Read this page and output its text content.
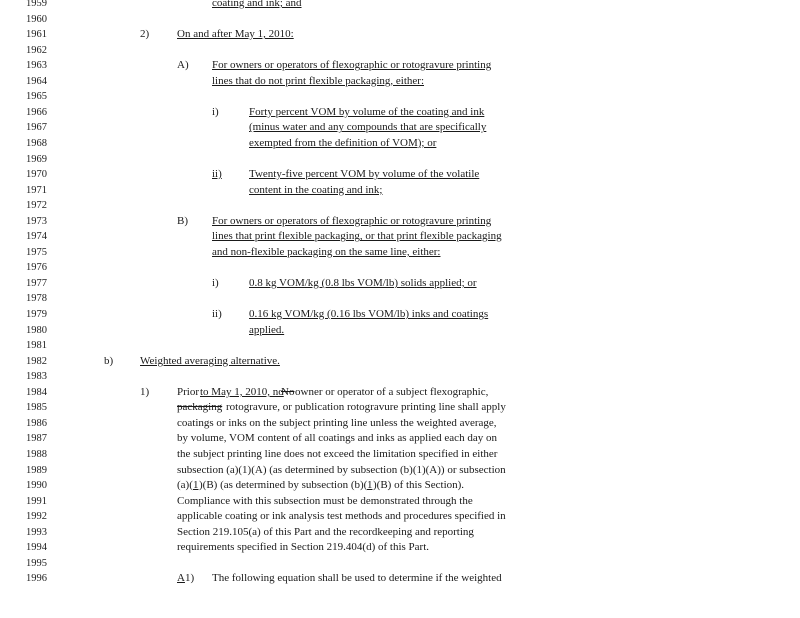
1959	coating and ink; and
1960
1961	2)	On and after May 1, 2010:
1962
1963	A) For owners or operators of flexographic or rotogravure printing
1964	lines that do not print flexible packaging, either:
1965
1966	i)	Forty percent VOM by volume of the coating and ink
1967	(minus water and any compounds that are specifically
1968	exempted from the definition of VOM); or
1969
1970	ii) Twenty-five percent VOM by volume of the volatile
1971	content in the coating and ink;
1972
1973	B) For owners or operators of flexographic or rotogravure printing
1974	lines that print flexible packaging, or that print flexible packaging
1975	and non-flexible packaging on the same line, either:
1976
1977	i)	0.8 kg VOM/kg (0.8 lbs VOM/lb) solids applied; or
1978
1979	ii) 0.16 kg VOM/kg (0.16 lbs VOM/lb) inks and coatings
1980	applied.
1981
1982	b) Weighted averaging alternative.
1983
1984	1)	Prior to May 1, 2010, no
No owner or operator of a subject flexographic,
1985	packaging rotogravure, or publication rotogravure printing line shall apply
1986	coatings or inks on the subject printing line unless the weighted average,
1987	by volume, VOM content of all coatings and inks as applied each day on
1988	the subject printing line does not exceed the limitation specified in either
1989	subsection (a)(1)(A) (as determined by subsection (b)(1)(A)) or subsection
1990	(a)( 1 )(B) (as determined by subsection (b)( 1 )(B) of this Section).
1991	Compliance with this subsection must be demonstrated through the
1992	applicable coating or ink analysis test methods and procedures specified in
1993	Section 219.105(a) of this Part and the recordkeeping and reporting
1994	requirements specified in Section 219.404(d) of this Part.
1995
1996	A 1) The following equation shall be used to determine if the weighted
